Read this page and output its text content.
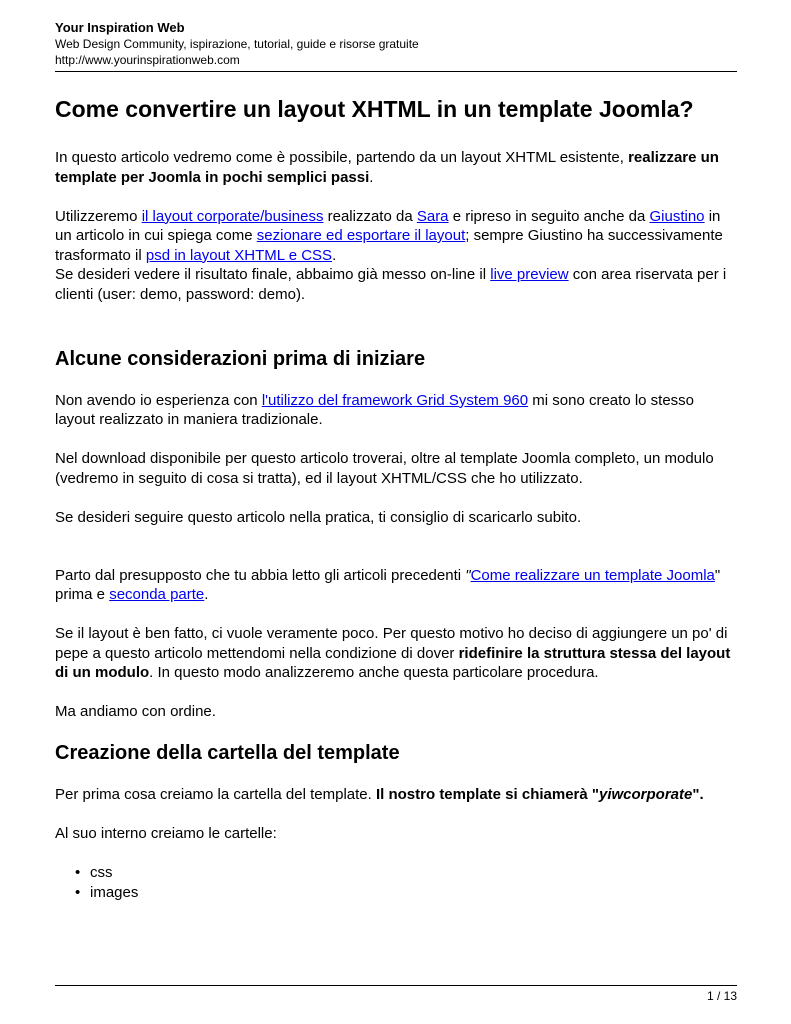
Your Inspiration Web
Web Design Community, ispirazione, tutorial, guide e risorse gratuite
http://www.yourinspirationweb.com
Come convertire un layout XHTML in un template Joomla?

In questo articolo vedremo come è possibile, partendo da un layout XHTML esistente, realizzare un template per Joomla in pochi semplici passi.

Utilizzeremo il layout corporate/business realizzato da Sara e ripreso in seguito anche da Giustino in un articolo in cui spiega come sezionare ed esportare il layout; sempre Giustino ha successivamente trasformato il psd in layout XHTML e CSS.
Se desideri vedere il risultato finale, abbaimo già messo on-line il live preview con area riservata per i clienti (user: demo, password: demo).

Alcune considerazioni prima di iniziare

Non avendo io esperienza con l'utilizzo del framework Grid System 960 mi sono creato lo stesso layout realizzato in maniera tradizionale.

Nel download disponibile per questo articolo troverai, oltre al template Joomla completo, un modulo (vedremo in seguito di cosa si tratta), ed il layout XHTML/CSS che ho utilizzato.

Se desideri seguire questo articolo nella pratica, ti consiglio di scaricarlo subito.

Parto dal presupposto che tu abbia letto gli articoli precedenti "Come realizzare un template Joomla" prima e seconda parte.

Se il layout è ben fatto, ci vuole veramente poco. Per questo motivo ho deciso di aggiungere un po' di pepe a questo articolo mettendomi nella condizione di dover ridefinire la struttura stessa del layout di un modulo. In questo modo analizzeremo anche questa particolare procedura.

Ma andiamo con ordine.

Creazione della cartella del template

Per prima cosa creiamo la cartella del template. Il nostro template si chiamerà "yiwcorporate".

Al suo interno creiamo le cartelle:

• css
• images
1 / 13
